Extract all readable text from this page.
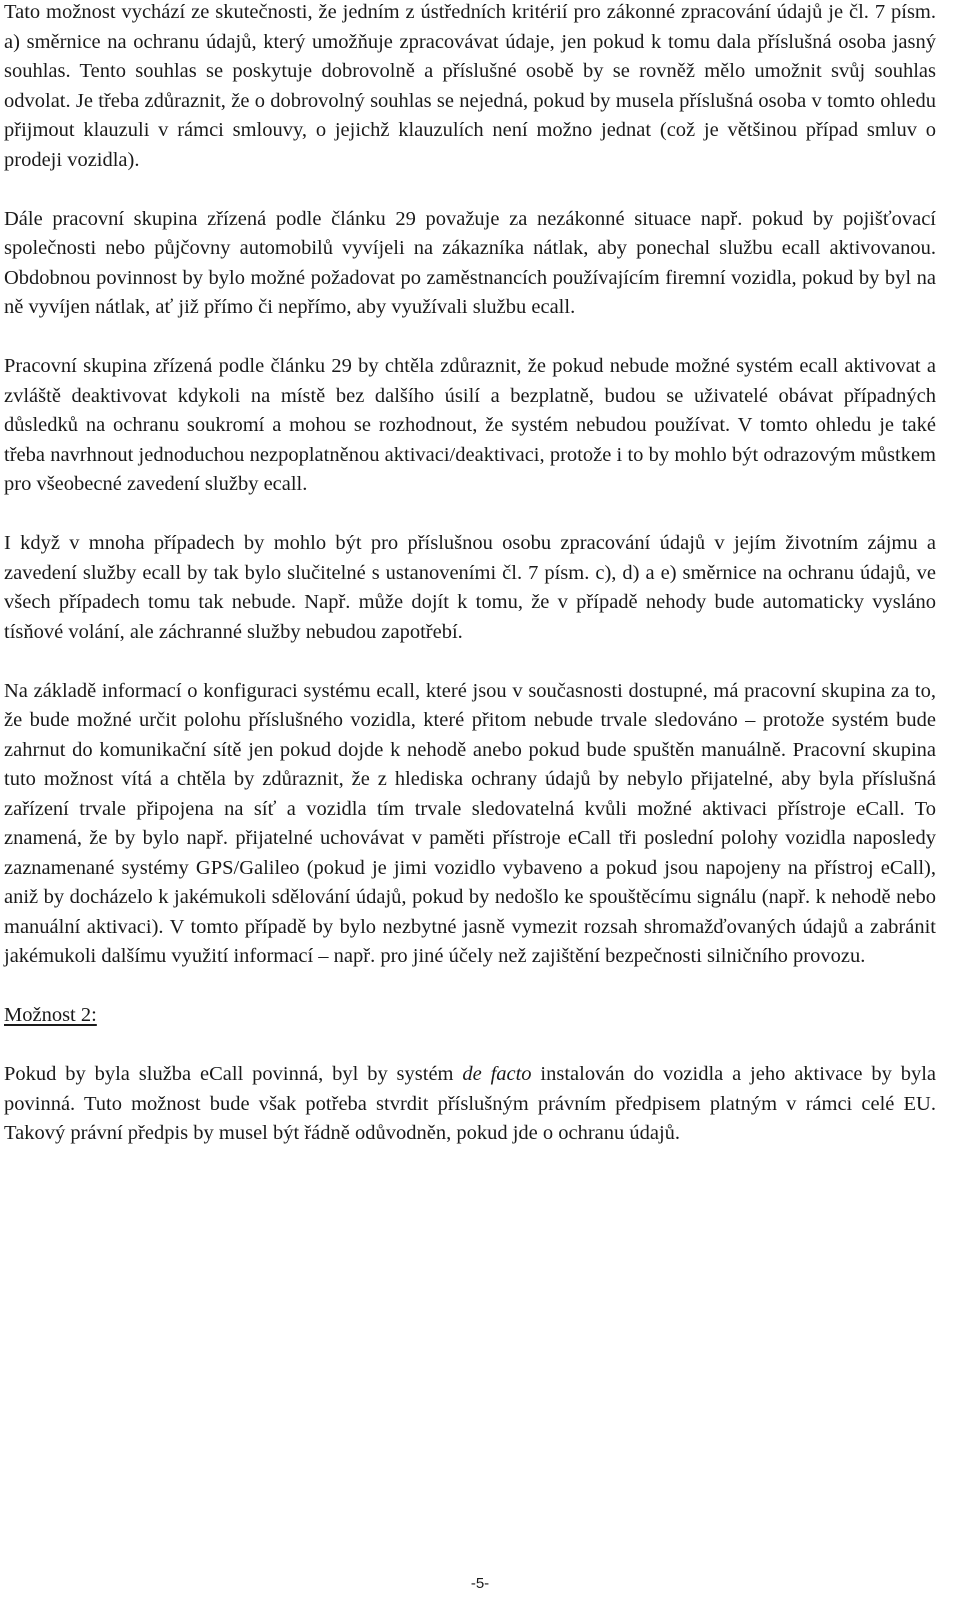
Tato možnost vychází ze skutečnosti, že jedním z ústředních kritérií pro zákonné zpracování údajů je čl. 7 písm. a) směrnice na ochranu údajů, který umožňuje zpracovávat údaje, jen pokud k tomu dala příslušná osoba jasný souhlas. Tento souhlas se poskytuje dobrovolně a příslušné osobě by se rovněž mělo umožnit svůj souhlas odvolat. Je třeba zdůraznit, že o dobrovolný souhlas se nejedná, pokud by musela příslušná osoba v tomto ohledu přijmout klauzuli v rámci smlouvy, o jejichž klauzulích není možno jednat (což je většinou případ smluv o prodeji vozidla).

Dále pracovní skupina zřízená podle článku 29 považuje za nezákonné situace např. pokud by pojišťovací společnosti nebo půjčovny automobilů vyvíjeli na zákazníka nátlak, aby ponechal službu ecall aktivovanou. Obdobnou povinnost by bylo možné požadovat po zaměstnancích používajícím firemní vozidla, pokud by byl na ně vyvíjen nátlak, ať již přímo či nepřímo, aby využívali službu ecall.

Pracovní skupina zřízená podle článku 29 by chtěla zdůraznit, že pokud nebude možné systém ecall aktivovat a zvláště deaktivovat kdykoli na místě bez dalšího úsilí a bezplatně, budou se uživatelé obávat případných důsledků na ochranu soukromí a mohou se rozhodnout, že systém nebudou používat. V tomto ohledu je také třeba navrhnout jednoduchou nezpoplatněnou aktivaci/deaktivaci, protože i to by mohlo být odrazovým můstkem pro všeobecné zavedení služby ecall.

I když v mnoha případech by mohlo být pro příslušnou osobu zpracování údajů v jejím životním zájmu a zavedení služby ecall by tak bylo slučitelné s ustanoveními čl. 7 písm. c), d) a e) směrnice na ochranu údajů, ve všech případech tomu tak nebude. Např. může dojít k tomu, že v případě nehody bude automaticky vysláno tísňové volání, ale záchranné služby nebudou zapotřebí.

Na základě informací o konfiguraci systému ecall, které jsou v současnosti dostupné, má pracovní skupina za to, že bude možné určit polohu příslušného vozidla, které přitom nebude trvale sledováno – protože systém bude zahrnut do komunikační sítě jen pokud dojde k nehodě anebo pokud bude spuštěn manuálně. Pracovní skupina tuto možnost vítá a chtěla by zdůraznit, že z hlediska ochrany údajů by nebylo přijatelné, aby byla příslušná zařízení trvale připojena na síť a vozidla tím trvale sledovatelná kvůli možné aktivaci přístroje eCall. To znamená, že by bylo např. přijatelné uchovávat v paměti přístroje eCall tři poslední polohy vozidla naposledy zaznamenané systémy GPS/Galileo (pokud je jimi vozidlo vybaveno a pokud jsou napojeny na přístroj eCall), aniž by docházelo k jakémukoli sdělování údajů, pokud by nedošlo ke spouštěcímu signálu (např. k nehodě nebo manuální aktivaci). V tomto případě by bylo nezbytné jasně vymezit rozsah shromažďovaných údajů a zabránit jakémukoli dalšímu využití informací – např. pro jiné účely než zajištění bezpečnosti silničního provozu.

Možnost 2:

Pokud by byla služba eCall povinná, byl by systém de facto instalován do vozidla a jeho aktivace by byla povinná. Tuto možnost bude však potřeba stvrdit příslušným právním předpisem platným v rámci celé EU. Takový právní předpis by musel být řádně odůvodněn, pokud jde o ochranu údajů.

-5-
